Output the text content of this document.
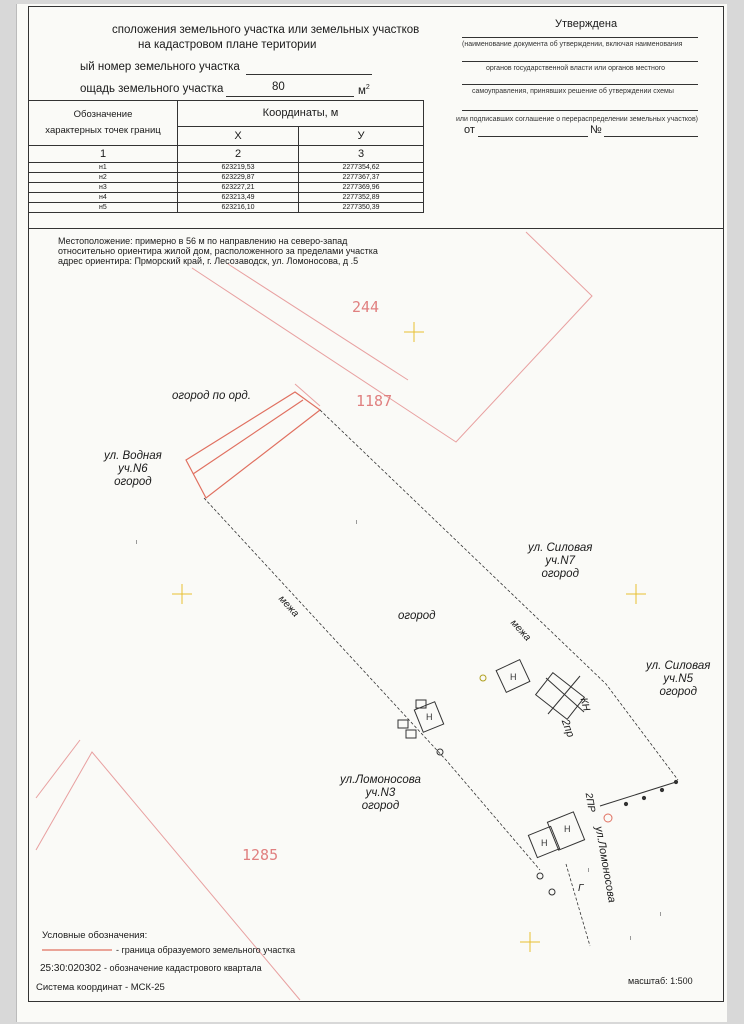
сположения земельного участка или земельных участков
на кадастровом плане територии
ый номер земельного участка
ощадь земельного участка	80	$м^2$
Утверждена
(наименование документа об утверждении, включая наименования
органов государственной власти или органов местного
самоуправления, принявших решение об утверждении схемы
или подписавших соглашение о перераспределении земельных участков)
от	№
Обозначение
характерных точек границ	Координаты, м	
	X	У
1	2	3
н1	623219,53	2277354,62
н2	623229,87	2277367,37
н3	623227,21	2277369,96
н4	623213,49	2277352,89
н5	623216,10	2277350,39
Местоположение: примерно в 56 м по направлению на северо-запад
относительно ориентира жилой дом, расположенного за пределами участка
адрес ориентира: Прморский край, г. Лесозаводск, ул. Ломоносова, д .5
Н
Н
Н
Н
244
1187
1285
огород по орд.
ул. Водная
уч.N6
огород
ул. Силовая
уч.N7
огород
ул. Силовая
уч.N5
огород
ул.Ломоносова
уч.N3
огород
огород
межа
межа
ул.Ломоносова
2пр
2ПР
КН
Г
Условные обозначения:
- граница образуемого земельного участка
25:30:020302 - обозначение кадастрового квартала
Система координат - МСК-25
масштаб: 1:500
